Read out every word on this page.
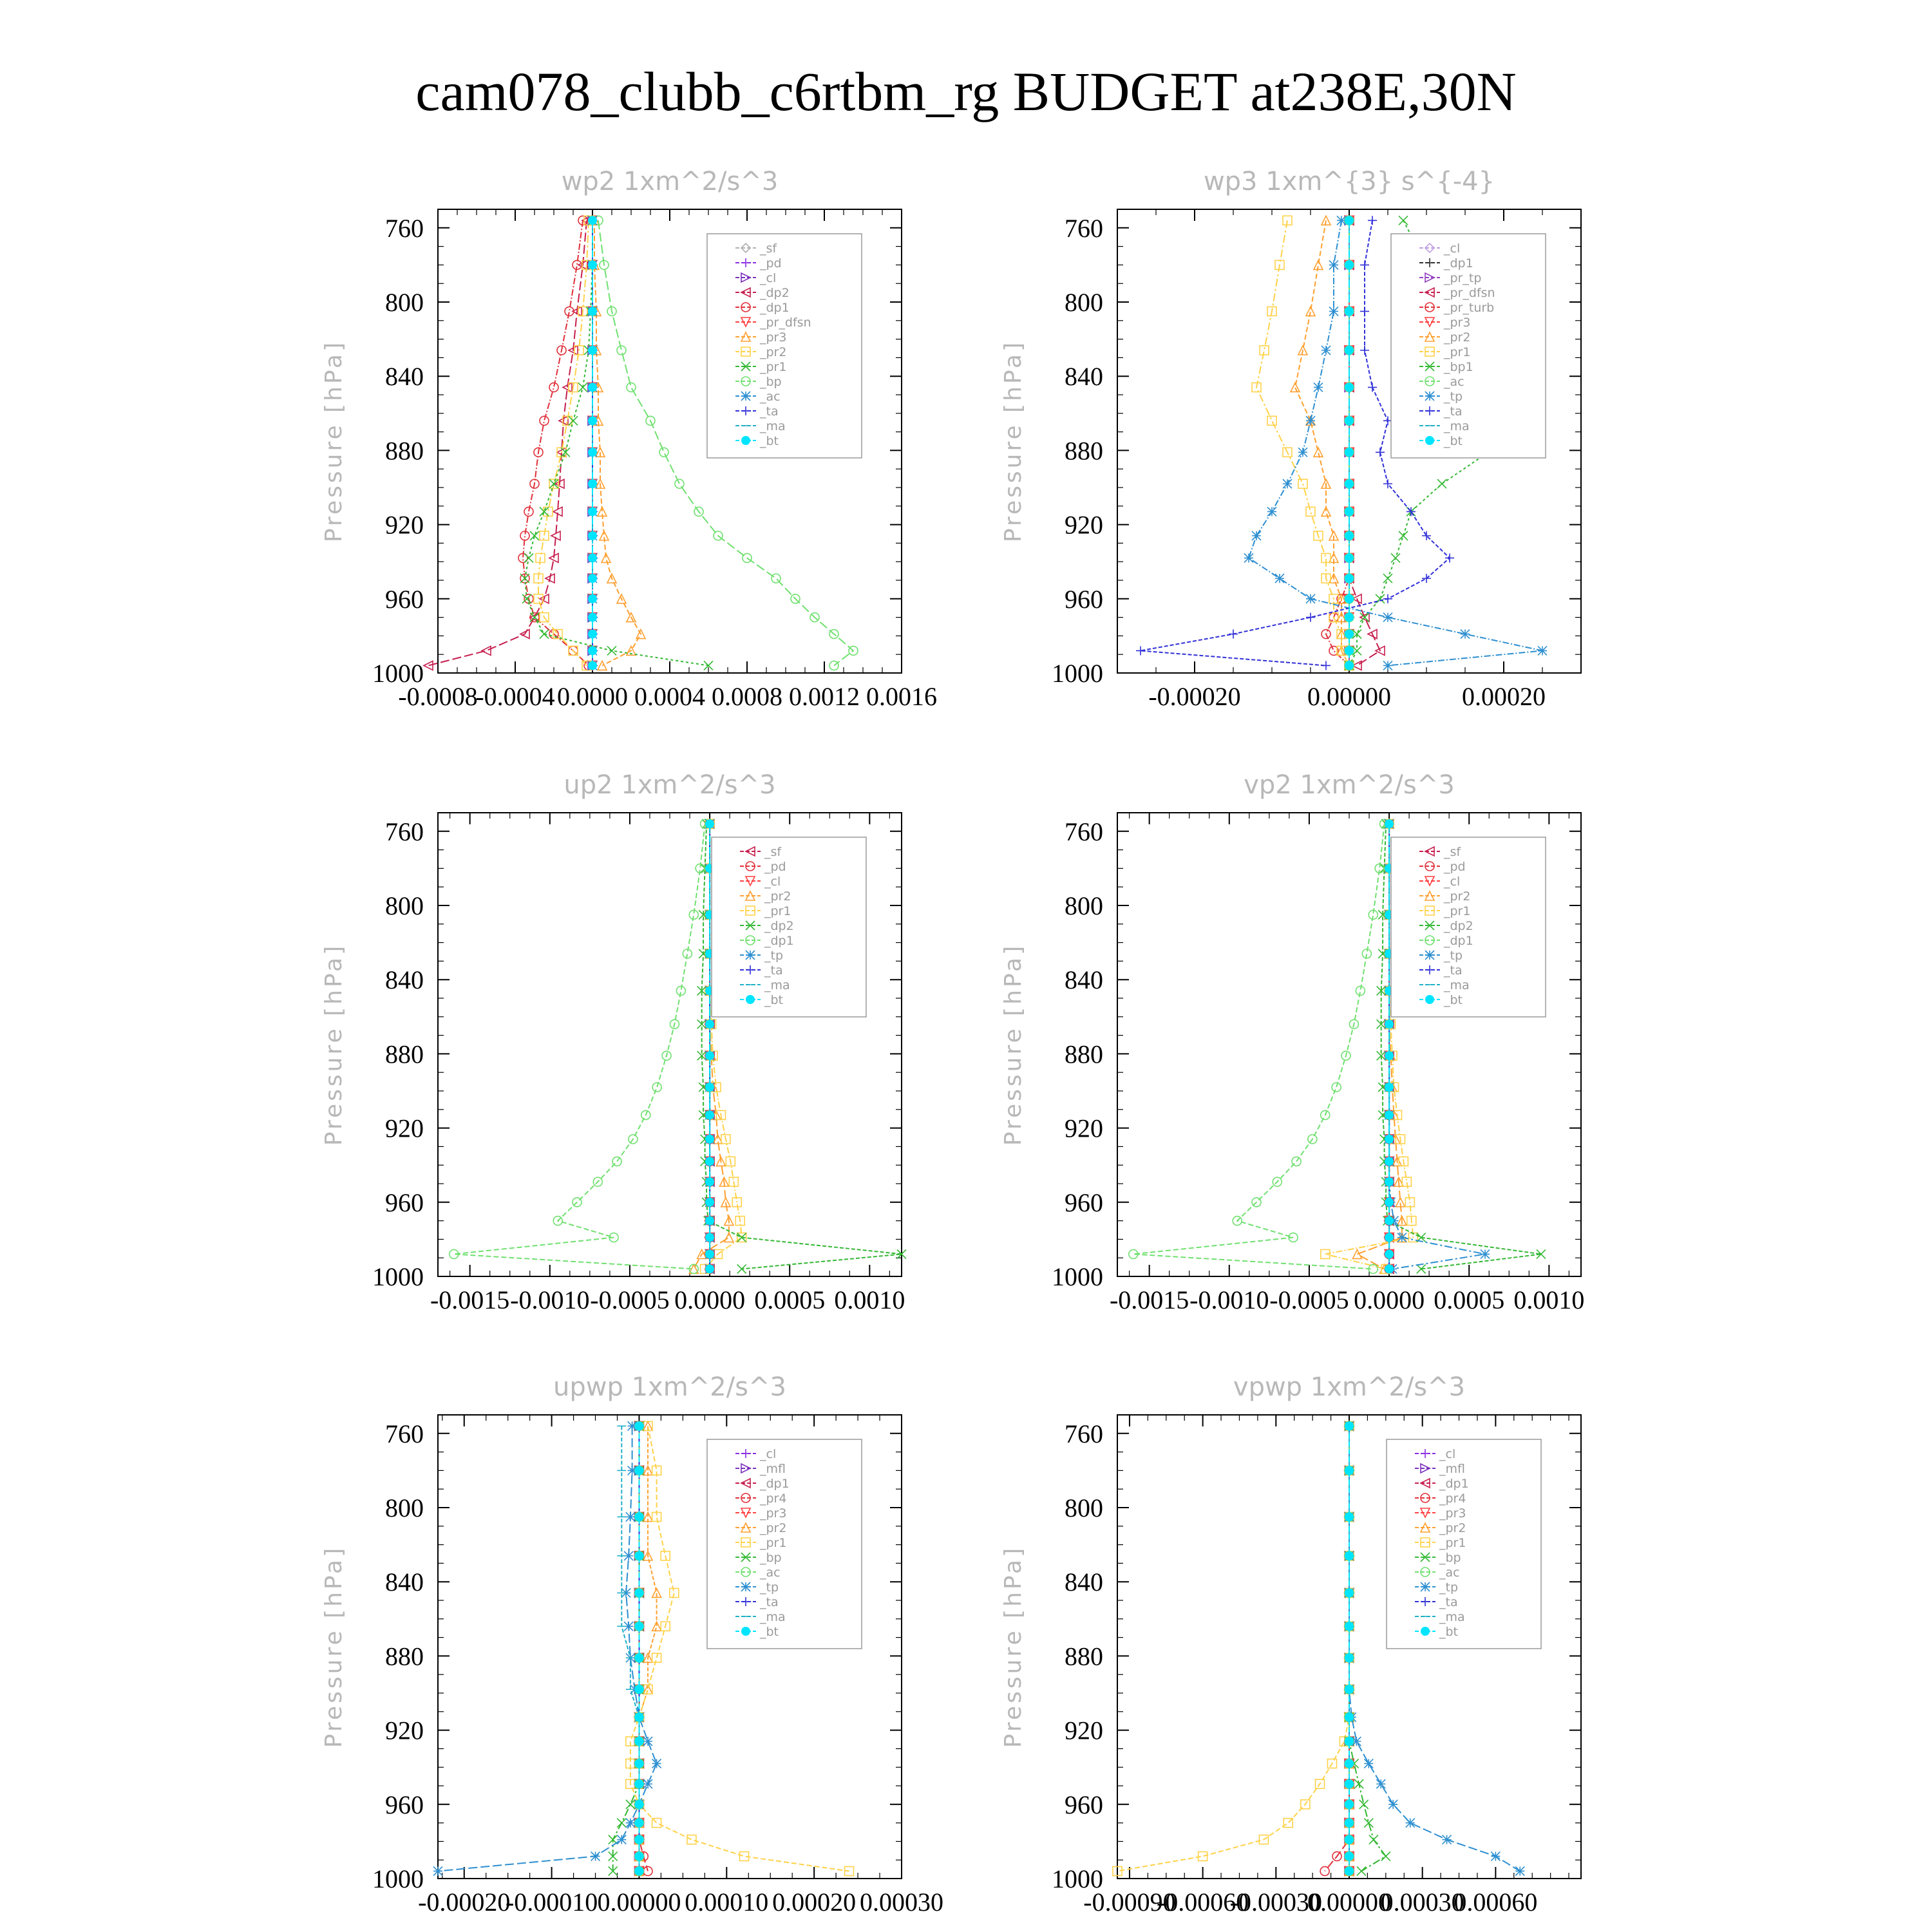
cam078_clubb_c6rtbm_rg BUDGET at238E,30N
wp2 1xm^2/s^3
Pressure [hPa]
760
800
840
880
920
960
1000
-0.0008
-0.0004 0.0000 0.0004 0.0008 0.0012 0.0016
_sf
_pd
_cl
_dp2
_dp1
_pr_dfsn
_pr3
_pr2
_pr1
_bp
_ac
_ta
_ma
_bt
wp3 1xm^{3} s^{-4}
Pressure [hPa]
760
800
840
880
920
960
1000
-0.00020	0.00000	0.00020
_cl
_dp1
_pr_tp
_pr_dfsn
_pr_turb
_pr3
_pr2
_pr1
_bp1
_ac
_tp
_ta
_ma
_bt
up2 1xm^2/s^3
Pressure [hPa]
760
800
840
880
920
960
1000
-0.0015 -0.0010 -0.0005 0.0000 0.0005 0.0010
_sf
_pd
_cl
_pr2
_pr1
_dp2
_dp1
_tp
_ta
_ma
_bt
vp2 1xm^2/s^3
Pressure [hPa]
760
800
840
880
920
960
1000
-0.0015 -0.0010 -0.0005 0.0000 0.0005 0.0010
_sf
_pd
_cl
_pr2
_pr1
_dp2
_dp1
_tp
_ta
_ma
_bt
upwp 1xm^2/s^3
Pressure [hPa]
760
800
840
880
920
960
1000
-0.00020
-0.00010 0.00000 0.00010 0.00020 0.00030
_cl
_mfl
_dp1
_pr4
_pr3
_pr2
_pr1
_bp
_ac
_tp
_ta
_ma
_bt
vpwp 1xm^2/s^3
Pressure [hPa]
760
800
840
880
920
960
1000
-0.00090
-0.00060
-0.00030
0.00000
0.00030
0.00060
_cl
_mfl
_dp1
_pr4
_pr3
_pr2
_pr1
_bp
_ac
_tp
_ta
_ma
_bt
